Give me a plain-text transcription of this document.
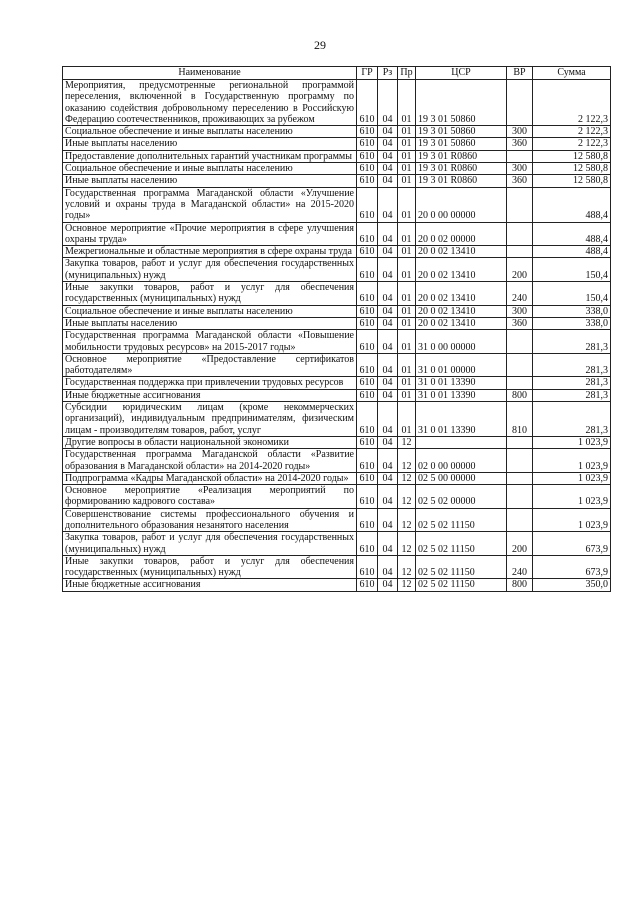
29
Наименование	ГР	Рз	Пр	ЦСР	ВР	Сумма
Мероприятия, предусмотренные региональной программой переселения, включенной в Государственную программу по оказанию содействия добровольному переселению в Российскую Федерацию соотечественников, проживающих за рубежом	610	04	01	19 3 01 50860		2 122,3
Социальное обеспечение и иные выплаты населению	610	04	01	19 3 01 50860	300	2 122,3
Иные выплаты населению	610	04	01	19 3 01 50860	360	2 122,3
Предоставление дополнительных гарантий участникам программы	610	04	01	19 3 01 R0860		12 580,8
Социальное обеспечение и иные выплаты населению	610	04	01	19 3 01 R0860	300	12 580,8
Иные выплаты населению	610	04	01	19 3 01 R0860	360	12 580,8
Государственная программа Магаданской области «Улучшение условий и охраны труда в Магаданской области» на 2015-2020 годы»	610	04	01	20 0 00 00000		488,4
Основное мероприятие «Прочие мероприятия в сфере улучшения охраны труда»	610	04	01	20 0 02 00000		488,4
Межрегиональные и областные мероприятия в сфере охраны труда	610	04	01	20 0 02 13410		488,4
Закупка товаров, работ и услуг для обеспечения государственных (муниципальных) нужд	610	04	01	20 0 02 13410	200	150,4
Иные закупки товаров, работ и услуг для обеспечения государственных (муниципальных) нужд	610	04	01	20 0 02 13410	240	150,4
Социальное обеспечение и иные выплаты населению	610	04	01	20 0 02 13410	300	338,0
Иные выплаты населению	610	04	01	20 0 02 13410	360	338,0
Государственная программа Магаданской области «Повышение мобильности трудовых ресурсов» на 2015-2017 годы»	610	04	01	31 0 00 00000		281,3
Основное мероприятие «Предоставление сертификатов работодателям»	610	04	01	31 0 01 00000		281,3
Государственная поддержка при привлечении трудовых ресурсов	610	04	01	31 0 01 13390		281,3
Иные бюджетные ассигнования	610	04	01	31 0 01 13390	800	281,3
Субсидии юридическим лицам (кроме некоммерческих организаций), индивидуальным предпринимателям, физическим лицам - производителям товаров, работ, услуг	610	04	01	31 0 01 13390	810	281,3
Другие вопросы в области национальной экономики	610	04	12			1 023,9
Государственная программа Магаданской области «Развитие образования в Магаданской области» на 2014-2020 годы»	610	04	12	02 0 00 00000		1 023,9
Подпрограмма «Кадры Магаданской области» на 2014-2020 годы»	610	04	12	02 5 00 00000		1 023,9
Основное мероприятие «Реализация мероприятий по формированию кадрового состава»	610	04	12	02 5 02 00000		1 023,9
Совершенствование системы профессионального обучения и дополнительного образования незанятого населения	610	04	12	02 5 02 11150		1 023,9
Закупка товаров, работ и услуг для обеспечения государственных (муниципальных) нужд	610	04	12	02 5 02 11150	200	673,9
Иные закупки товаров, работ и услуг для обеспечения государственных (муниципальных) нужд	610	04	12	02 5 02 11150	240	673,9
Иные бюджетные ассигнования	610	04	12	02 5 02 11150	800	350,0
